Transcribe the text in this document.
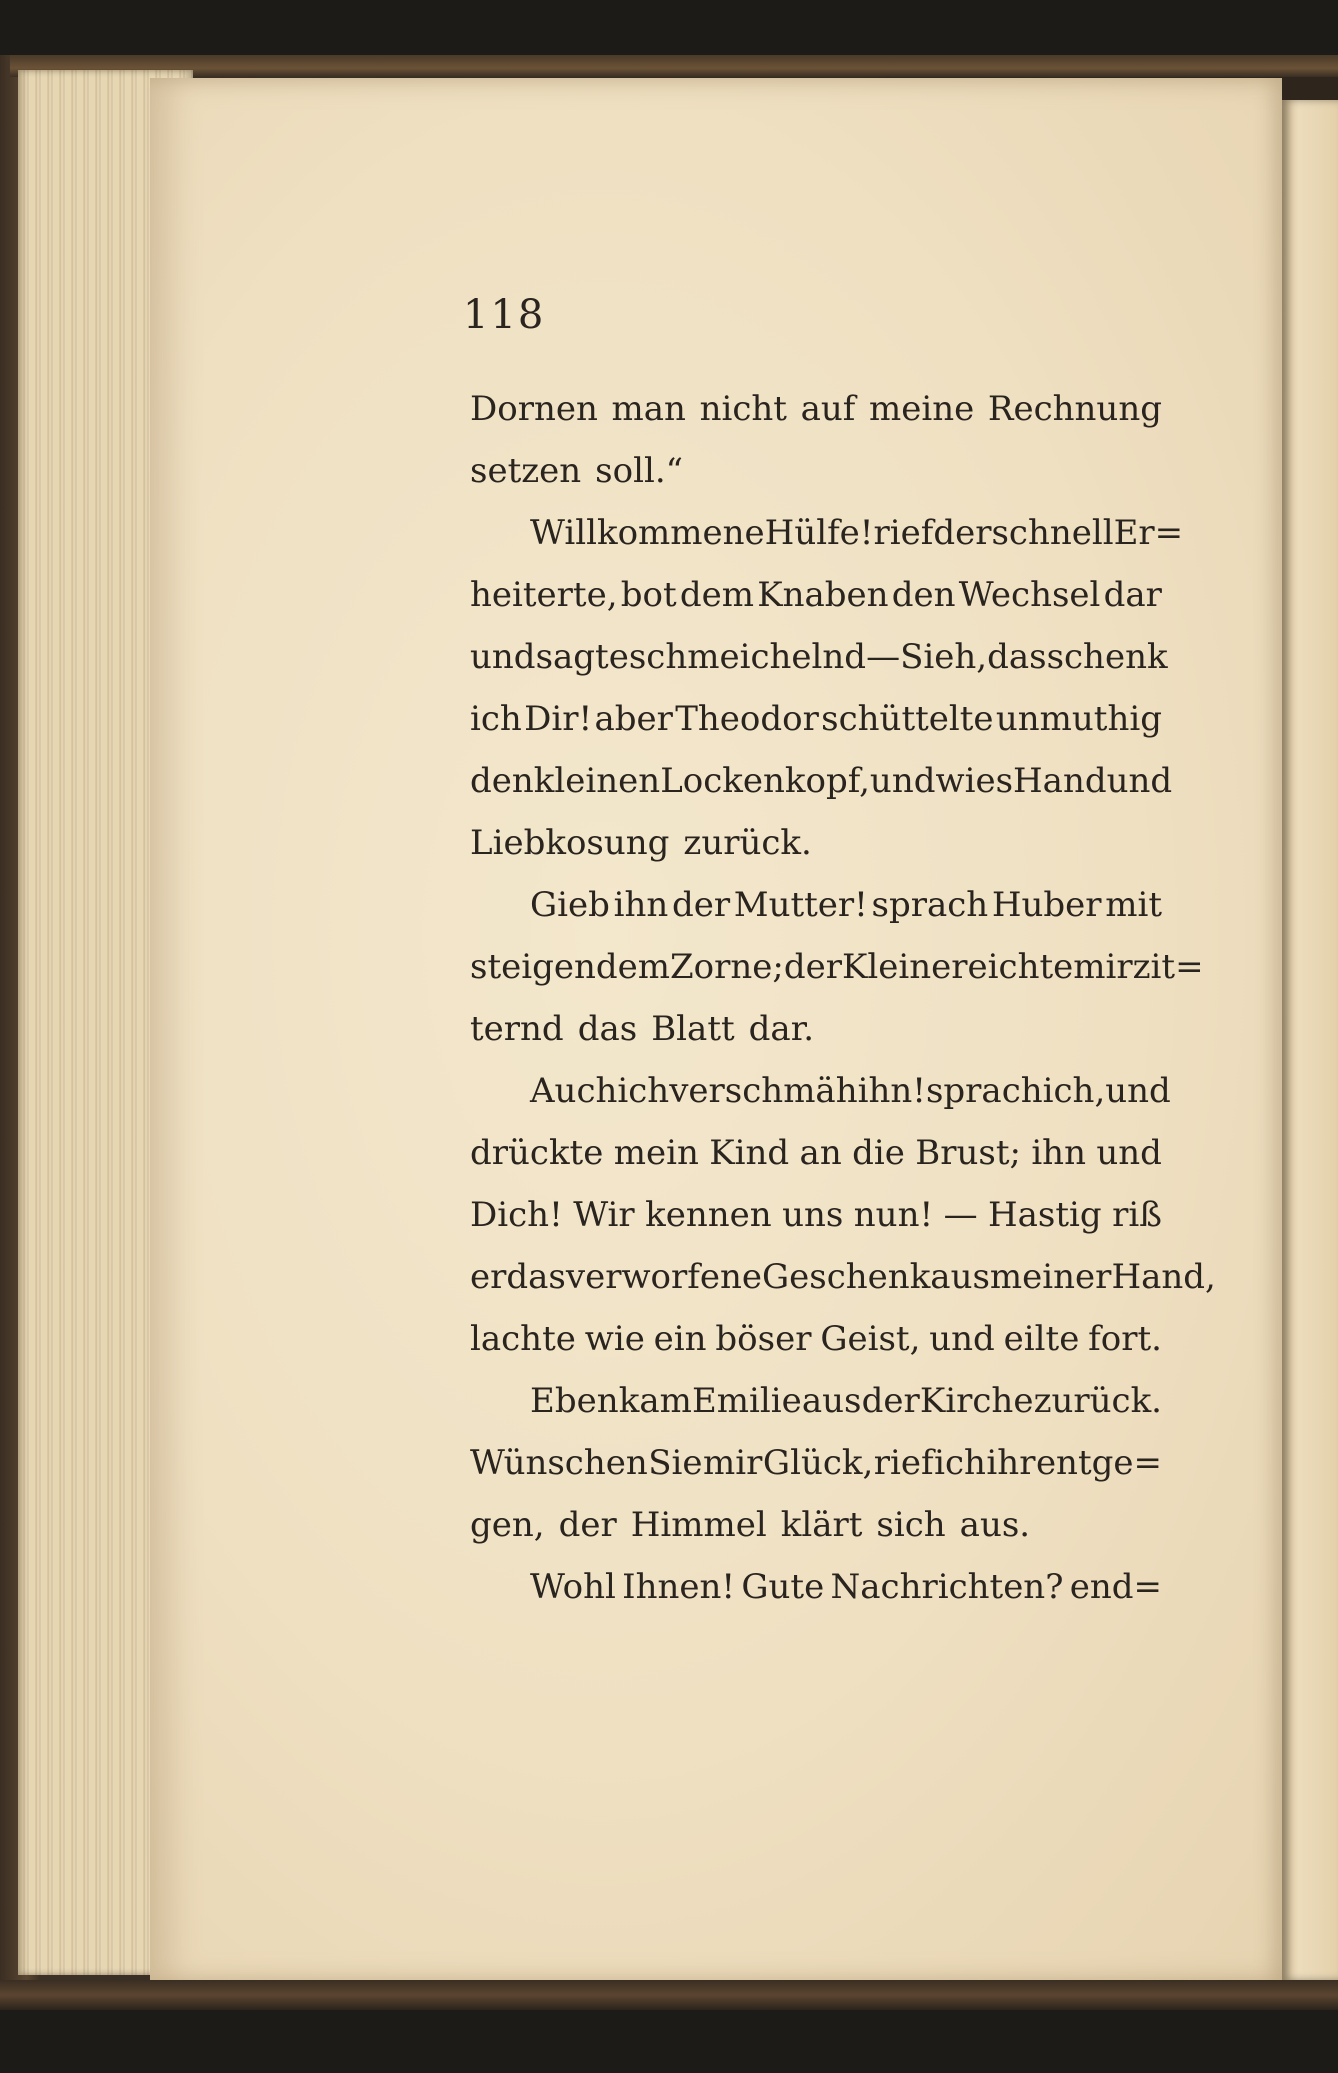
118
Dornen man nicht auf meine Rechnung
setzen soll.“
Willkommene Hülfe! rief der schnell Er=
heiterte, bot dem Knaben den Wechsel dar
und sagte schmeichelnd — Sieh, das schenk
ich Dir! aber Theodor schüttelte unmuthig
den kleinen Lockenkopf, und wies Hand und
Liebkosung zurück.
Gieb ihn der Mutter! sprach Huber mit
steigendem Zorne; der Kleine reichte mir zit=
ternd das Blatt dar.
Auch ich verschmäh ihn! sprach ich, und
drückte mein Kind an die Brust; ihn und
Dich! Wir kennen uns nun! — Hastig riß
er das verworfene Geschenk aus meiner Hand,
lachte wie ein böser Geist, und eilte fort.
Eben kam Emilie aus der Kirche zurück.
Wünschen Sie mir Glück, rief ich ihr entge=
gen, der Himmel klärt sich aus.
Wohl Ihnen! Gute Nachrichten? end=
